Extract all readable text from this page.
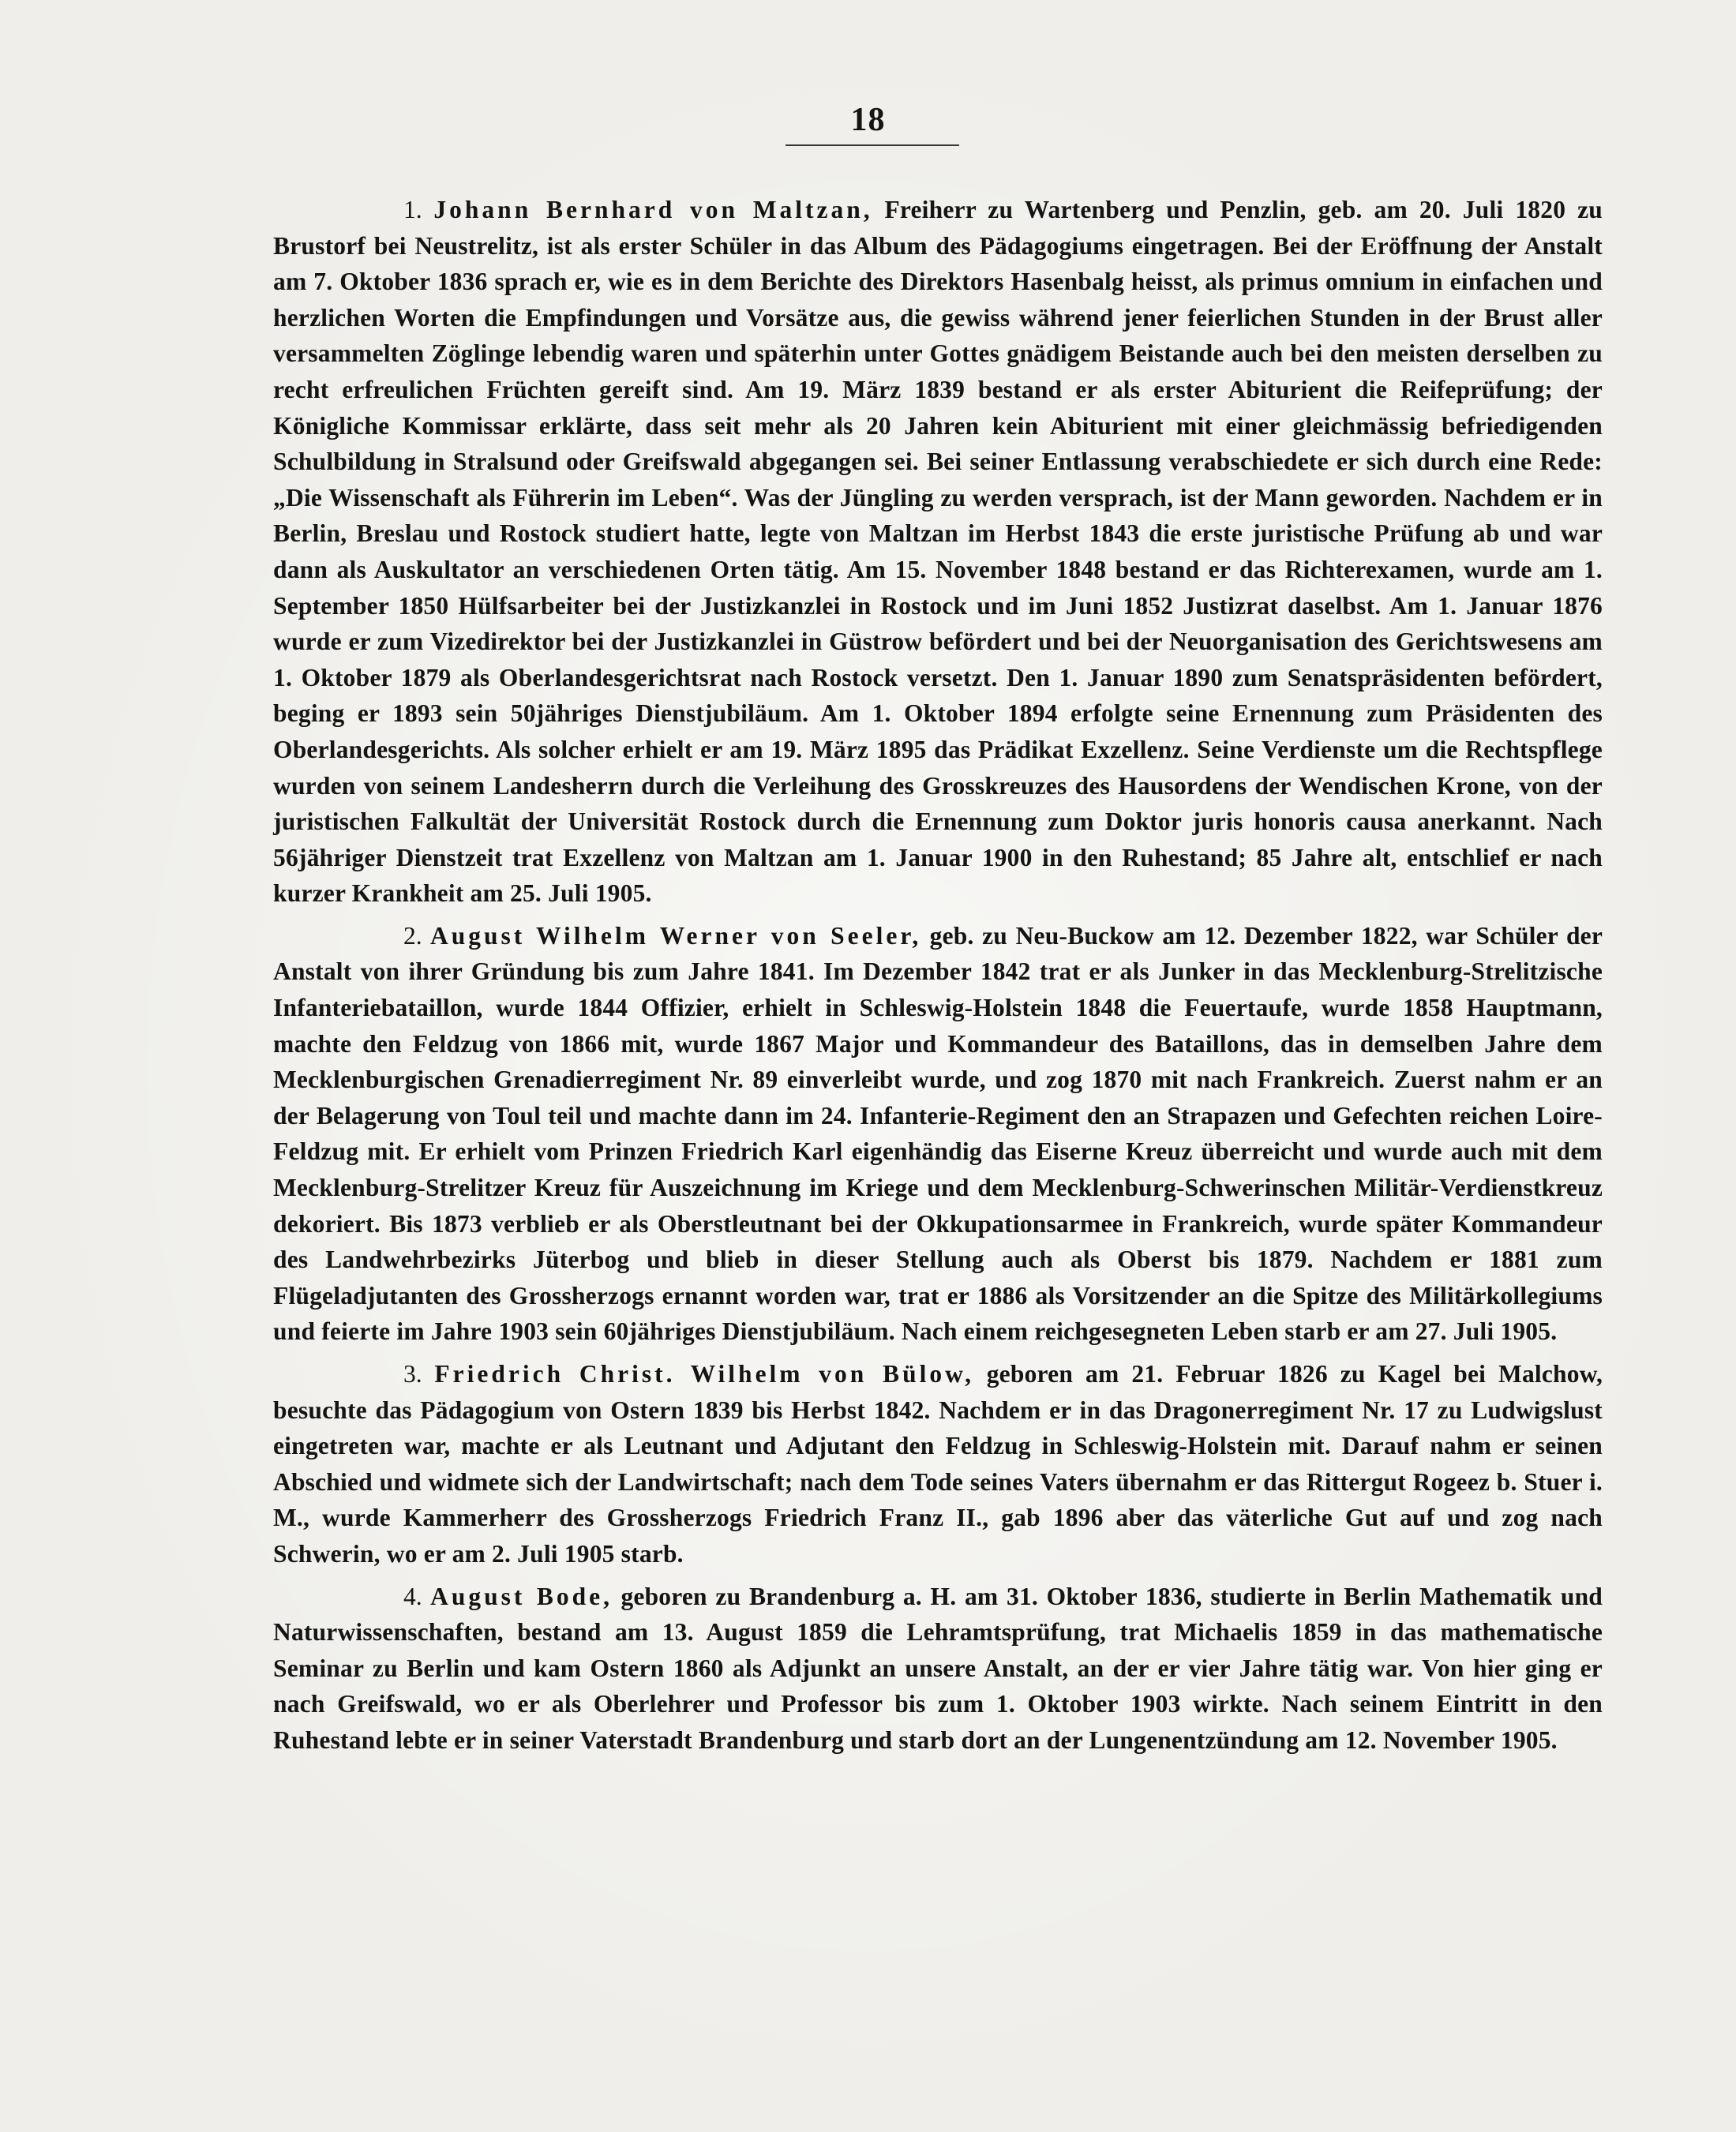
18

1. Johann Bernhard von Maltzan, Freiherr zu Wartenberg und Penzlin, geb. am 20. Juli 1820 zu Brustorf bei Neustrelitz, ist als erster Schüler in das Album des Pädagogiums eingetragen. Bei der Eröffnung der Anstalt am 7. Oktober 1836 sprach er, wie es in dem Berichte des Direktors Hasenbalg heisst, als primus omnium in einfachen und herzlichen Worten die Empfindungen und Vorsätze aus, die gewiss während jener feierlichen Stunden in der Brust aller versammelten Zöglinge lebendig waren und späterhin unter Gottes gnädigem Beistande auch bei den meisten derselben zu recht erfreulichen Früchten gereift sind. Am 19. März 1839 bestand er als erster Abiturient die Reifeprüfung; der Königliche Kommissar erklärte, dass seit mehr als 20 Jahren kein Abiturient mit einer gleichmässig befriedigenden Schulbildung in Stralsund oder Greifswald abgegangen sei. Bei seiner Entlassung verabschiedete er sich durch eine Rede: „Die Wissenschaft als Führerin im Leben“. Was der Jüngling zu werden versprach, ist der Mann geworden. Nachdem er in Berlin, Breslau und Rostock studiert hatte, legte von Maltzan im Herbst 1843 die erste juristische Prüfung ab und war dann als Auskultator an verschiedenen Orten tätig. Am 15. November 1848 bestand er das Richterexamen, wurde am 1. September 1850 Hülfsarbeiter bei der Justizkanzlei in Rostock und im Juni 1852 Justizrat daselbst. Am 1. Januar 1876 wurde er zum Vizedirektor bei der Justizkanzlei in Güstrow befördert und bei der Neuorganisation des Gerichtswesens am 1. Oktober 1879 als Oberlandesgerichtsrat nach Rostock versetzt. Den 1. Januar 1890 zum Senatspräsidenten befördert, beging er 1893 sein 50jähriges Dienstjubiläum. Am 1. Oktober 1894 erfolgte seine Ernennung zum Präsidenten des Oberlandesgerichts. Als solcher erhielt er am 19. März 1895 das Prädikat Exzellenz. Seine Verdienste um die Rechtspflege wurden von seinem Landesherrn durch die Verleihung des Grosskreuzes des Hausordens der Wendischen Krone, von der juristischen Falkultät der Universität Rostock durch die Ernennung zum Doktor juris honoris causa anerkannt. Nach 56jähriger Dienstzeit trat Exzellenz von Maltzan am 1. Januar 1900 in den Ruhestand; 85 Jahre alt, entschlief er nach kurzer Krankheit am 25. Juli 1905.

2. August Wilhelm Werner von Seeler, geb. zu Neu-Buckow am 12. Dezember 1822, war Schüler der Anstalt von ihrer Gründung bis zum Jahre 1841. Im Dezember 1842 trat er als Junker in das Mecklenburg-Strelitzische Infanteriebataillon, wurde 1844 Offizier, erhielt in Schleswig-Holstein 1848 die Feuertaufe, wurde 1858 Hauptmann, machte den Feldzug von 1866 mit, wurde 1867 Major und Kommandeur des Bataillons, das in demselben Jahre dem Mecklenburgischen Grenadierregiment Nr. 89 einverleibt wurde, und zog 1870 mit nach Frankreich. Zuerst nahm er an der Belagerung von Toul teil und machte dann im 24. Infanterie-Regiment den an Strapazen und Gefechten reichen Loire-Feldzug mit. Er erhielt vom Prinzen Friedrich Karl eigenhändig das Eiserne Kreuz überreicht und wurde auch mit dem Mecklenburg-Strelitzer Kreuz für Auszeichnung im Kriege und dem Mecklenburg-Schwerinschen Militär-Verdienstkreuz dekoriert. Bis 1873 verblieb er als Oberstleutnant bei der Okkupationsarmee in Frankreich, wurde später Kommandeur des Landwehrbezirks Jüterbog und blieb in dieser Stellung auch als Oberst bis 1879. Nachdem er 1881 zum Flügeladjutanten des Grossherzogs ernannt worden war, trat er 1886 als Vorsitzender an die Spitze des Militärkollegiums und feierte im Jahre 1903 sein 60jähriges Dienstjubiläum. Nach einem reichgesegneten Leben starb er am 27. Juli 1905.

3. Friedrich Christ. Wilhelm von Bülow, geboren am 21. Februar 1826 zu Kagel bei Malchow, besuchte das Pädagogium von Ostern 1839 bis Herbst 1842. Nachdem er in das Dragonerregiment Nr. 17 zu Ludwigslust eingetreten war, machte er als Leutnant und Adjutant den Feldzug in Schleswig-Holstein mit. Darauf nahm er seinen Abschied und widmete sich der Landwirtschaft; nach dem Tode seines Vaters übernahm er das Rittergut Rogeez b. Stuer i. M., wurde Kammerherr des Grossherzogs Friedrich Franz II., gab 1896 aber das väterliche Gut auf und zog nach Schwerin, wo er am 2. Juli 1905 starb.

4. August Bode, geboren zu Brandenburg a. H. am 31. Oktober 1836, studierte in Berlin Mathematik und Naturwissenschaften, bestand am 13. August 1859 die Lehramtsprüfung, trat Michaelis 1859 in das mathematische Seminar zu Berlin und kam Ostern 1860 als Adjunkt an unsere Anstalt, an der er vier Jahre tätig war. Von hier ging er nach Greifswald, wo er als Oberlehrer und Professor bis zum 1. Oktober 1903 wirkte. Nach seinem Eintritt in den Ruhestand lebte er in seiner Vaterstadt Brandenburg und starb dort an der Lungenentzündung am 12. November 1905.
